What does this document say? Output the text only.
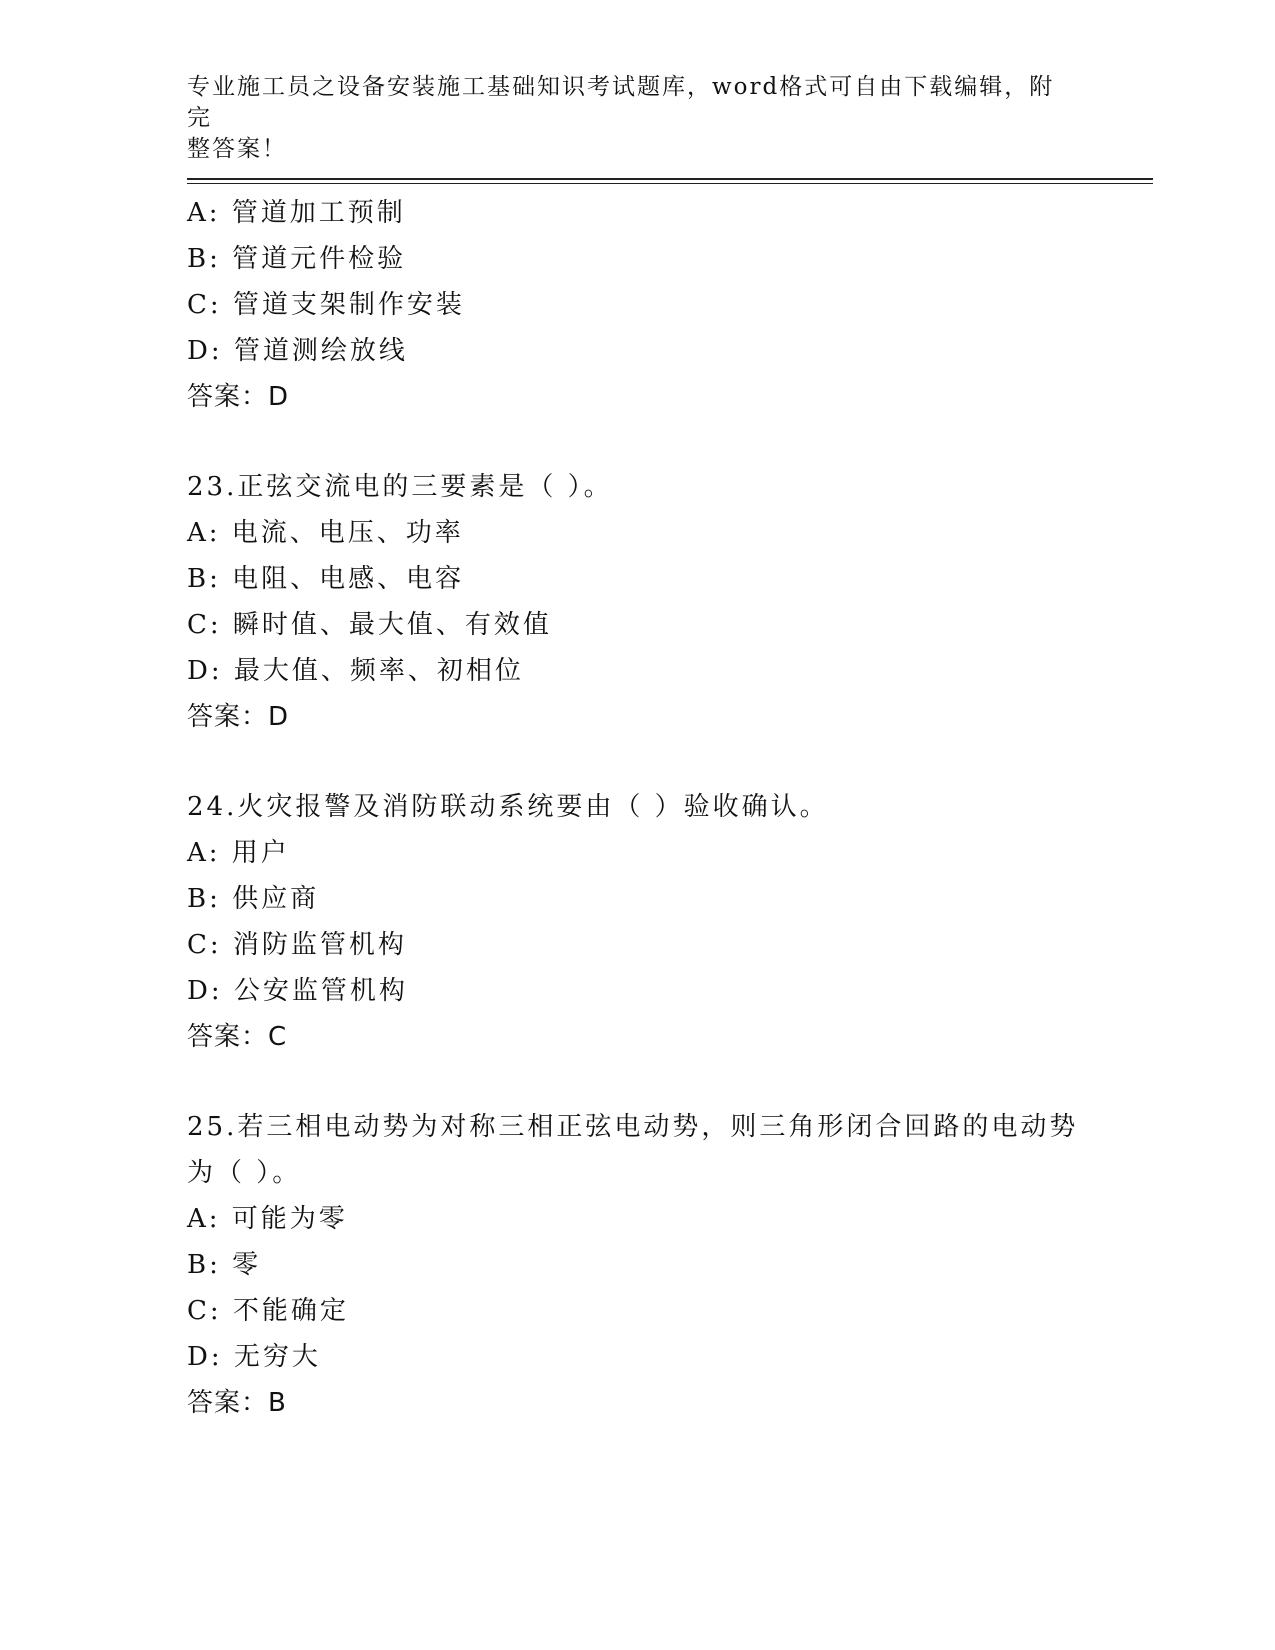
专业施工员之设备安装施工基础知识考试题库，word格式可自由下载编辑，附完
整答案！

A: 管道加工预制

B: 管道元件检验

C: 管道支架制作安装

D: 管道测绘放线

答案：D

23.正弦交流电的三要素是（ ）。

A: 电流、电压、功率

B: 电阻、电感、电容

C: 瞬时值、最大值、有效值

D: 最大值、频率、初相位

答案：D

24.火灾报警及消防联动系统要由（ ）验收确认。

A: 用户

B: 供应商

C: 消防监管机构

D: 公安监管机构

答案：C

25.若三相电动势为对称三相正弦电动势，则三角形闭合回路的电动势

为（ ）。

A: 可能为零

B: 零

C: 不能确定

D: 无穷大

答案：B
